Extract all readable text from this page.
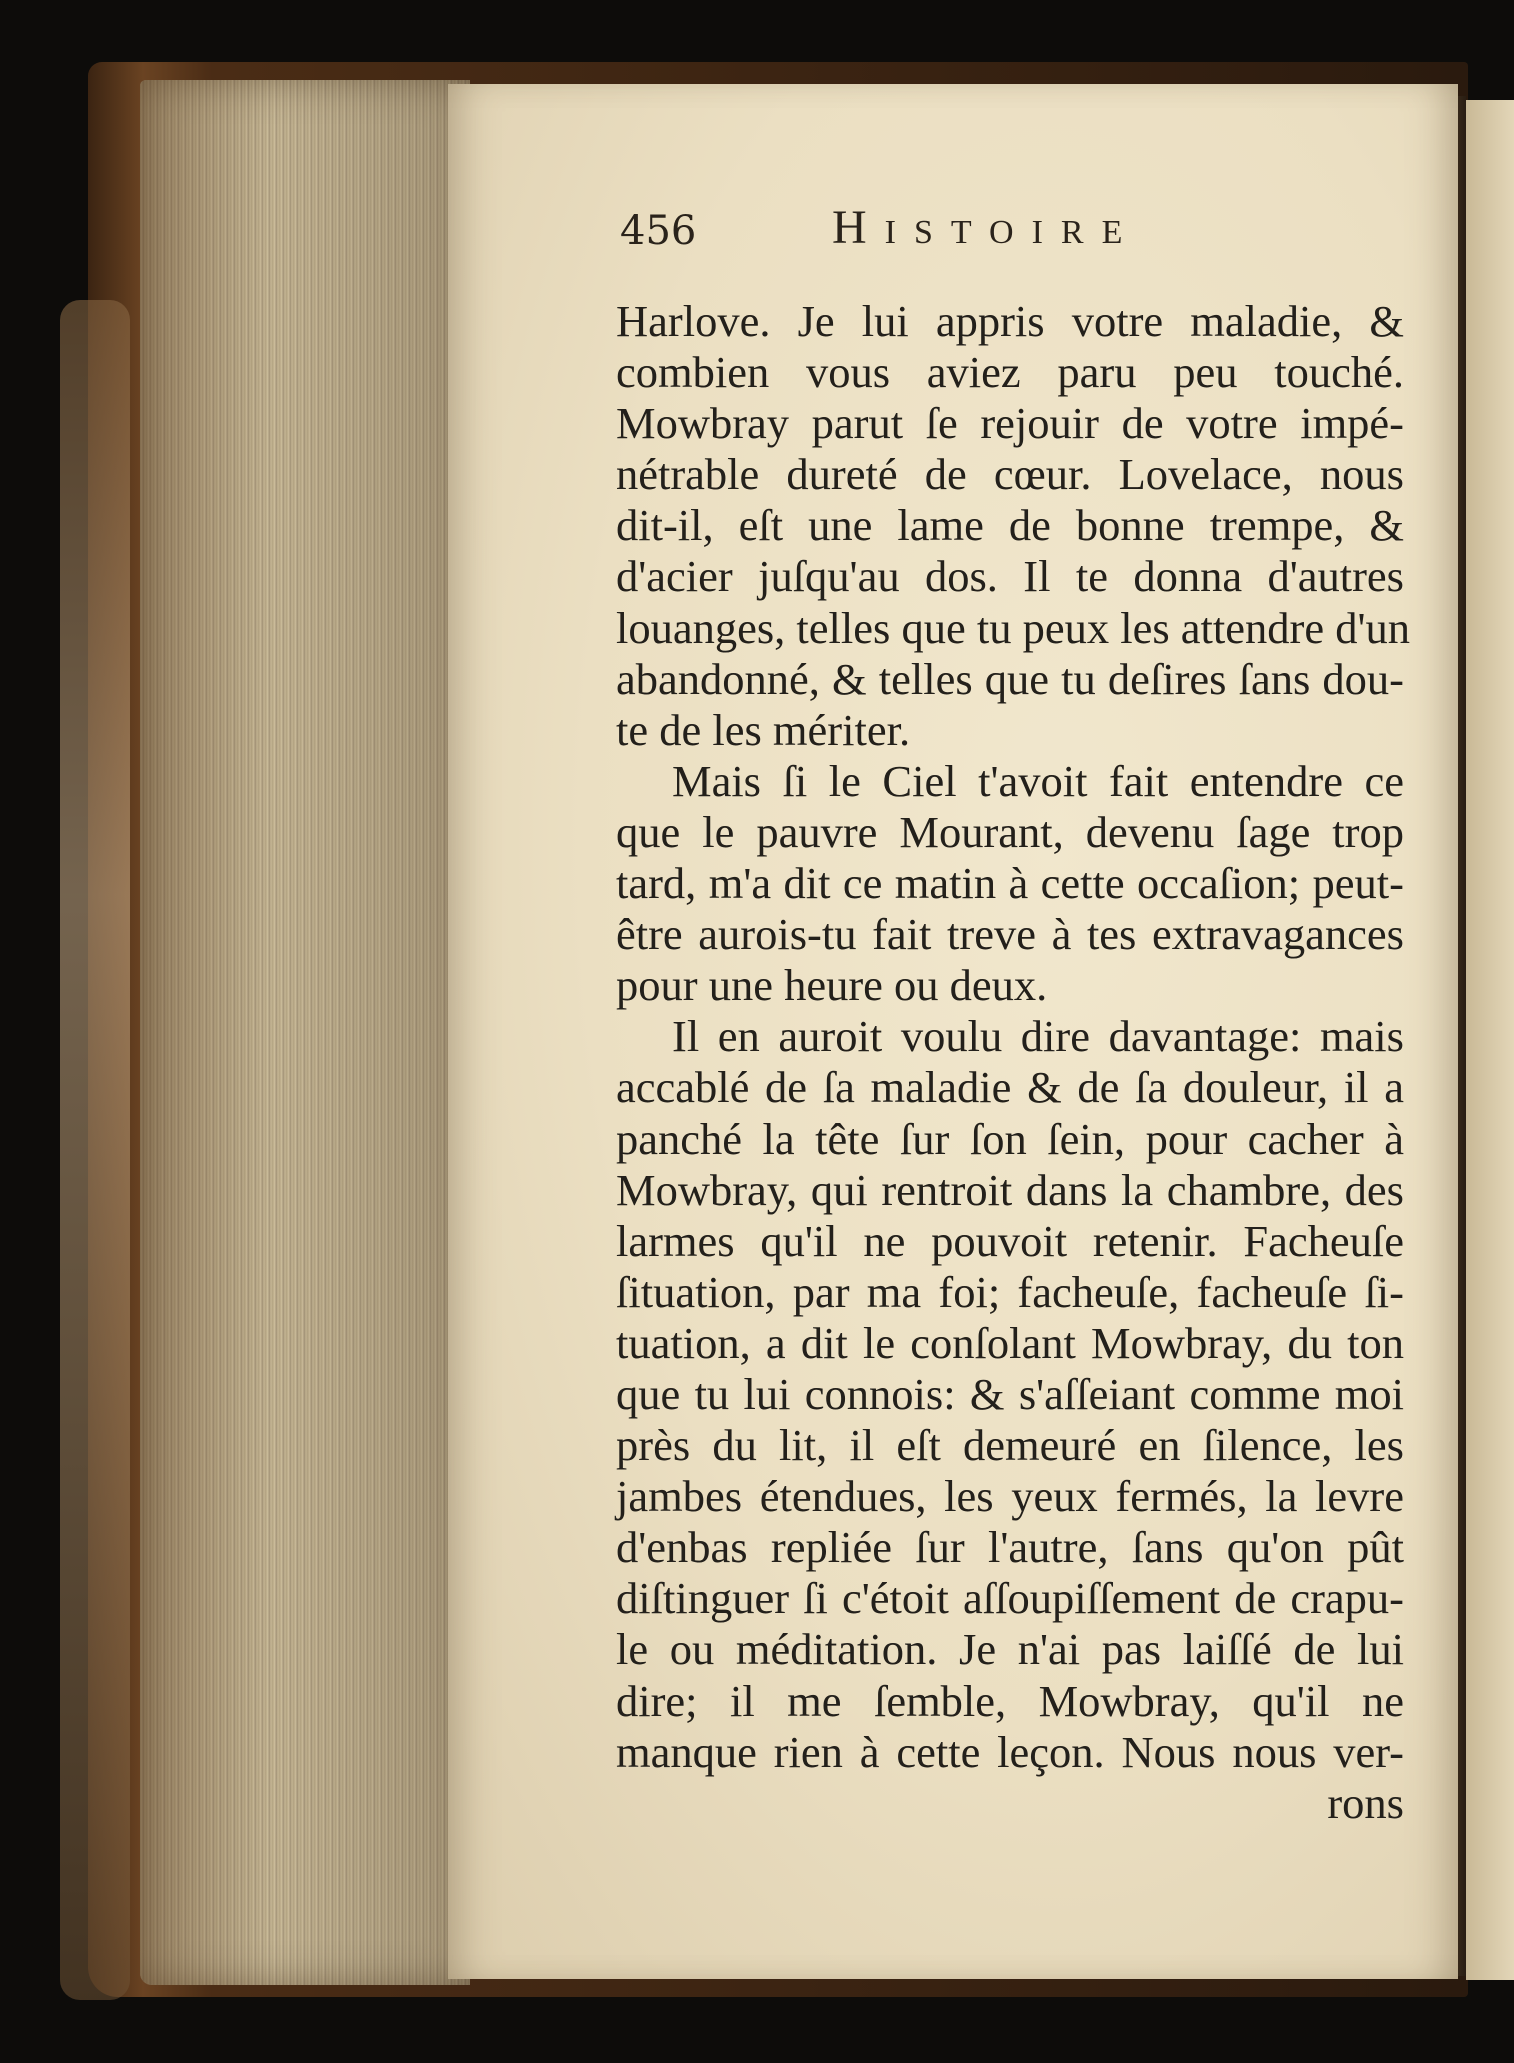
456	Histoire
Harlove. Je lui appris votre maladie, &
combien vous aviez paru peu touché.
Mowbray parut ſe rejouir de votre impé-
nétrable dureté de cœur. Lovelace, nous
dit-il, eſt une lame de bonne trempe, &
d'acier juſqu'au dos. Il te donna d'autres
louanges, telles que tu peux les attendre d'un
abandonné, & telles que tu deſires ſans dou-
te de les mériter.
Mais ſi le Ciel t'avoit fait entendre ce
que le pauvre Mourant, devenu ſage trop
tard, m'a dit ce matin à cette occaſion; peut-
être aurois-tu fait treve à tes extravagances
pour une heure ou deux.
Il en auroit voulu dire davantage: mais
accablé de ſa maladie & de ſa douleur, il a
panché la tête ſur ſon ſein, pour cacher à
Mowbray, qui rentroit dans la chambre, des
larmes qu'il ne pouvoit retenir. Facheuſe
ſituation, par ma foi; facheuſe, facheuſe ſi-
tuation, a dit le conſolant Mowbray, du ton
que tu lui connois: & s'aſſeiant comme moi
près du lit, il eſt demeuré en ſilence, les
jambes étendues, les yeux fermés, la levre
d'enbas repliée ſur l'autre, ſans qu'on pût
diſtinguer ſi c'étoit aſſoupiſſement de crapu-
le ou méditation. Je n'ai pas laiſſé de lui
dire; il me ſemble, Mowbray, qu'il ne
manque rien à cette leçon. Nous nous ver-
rons
